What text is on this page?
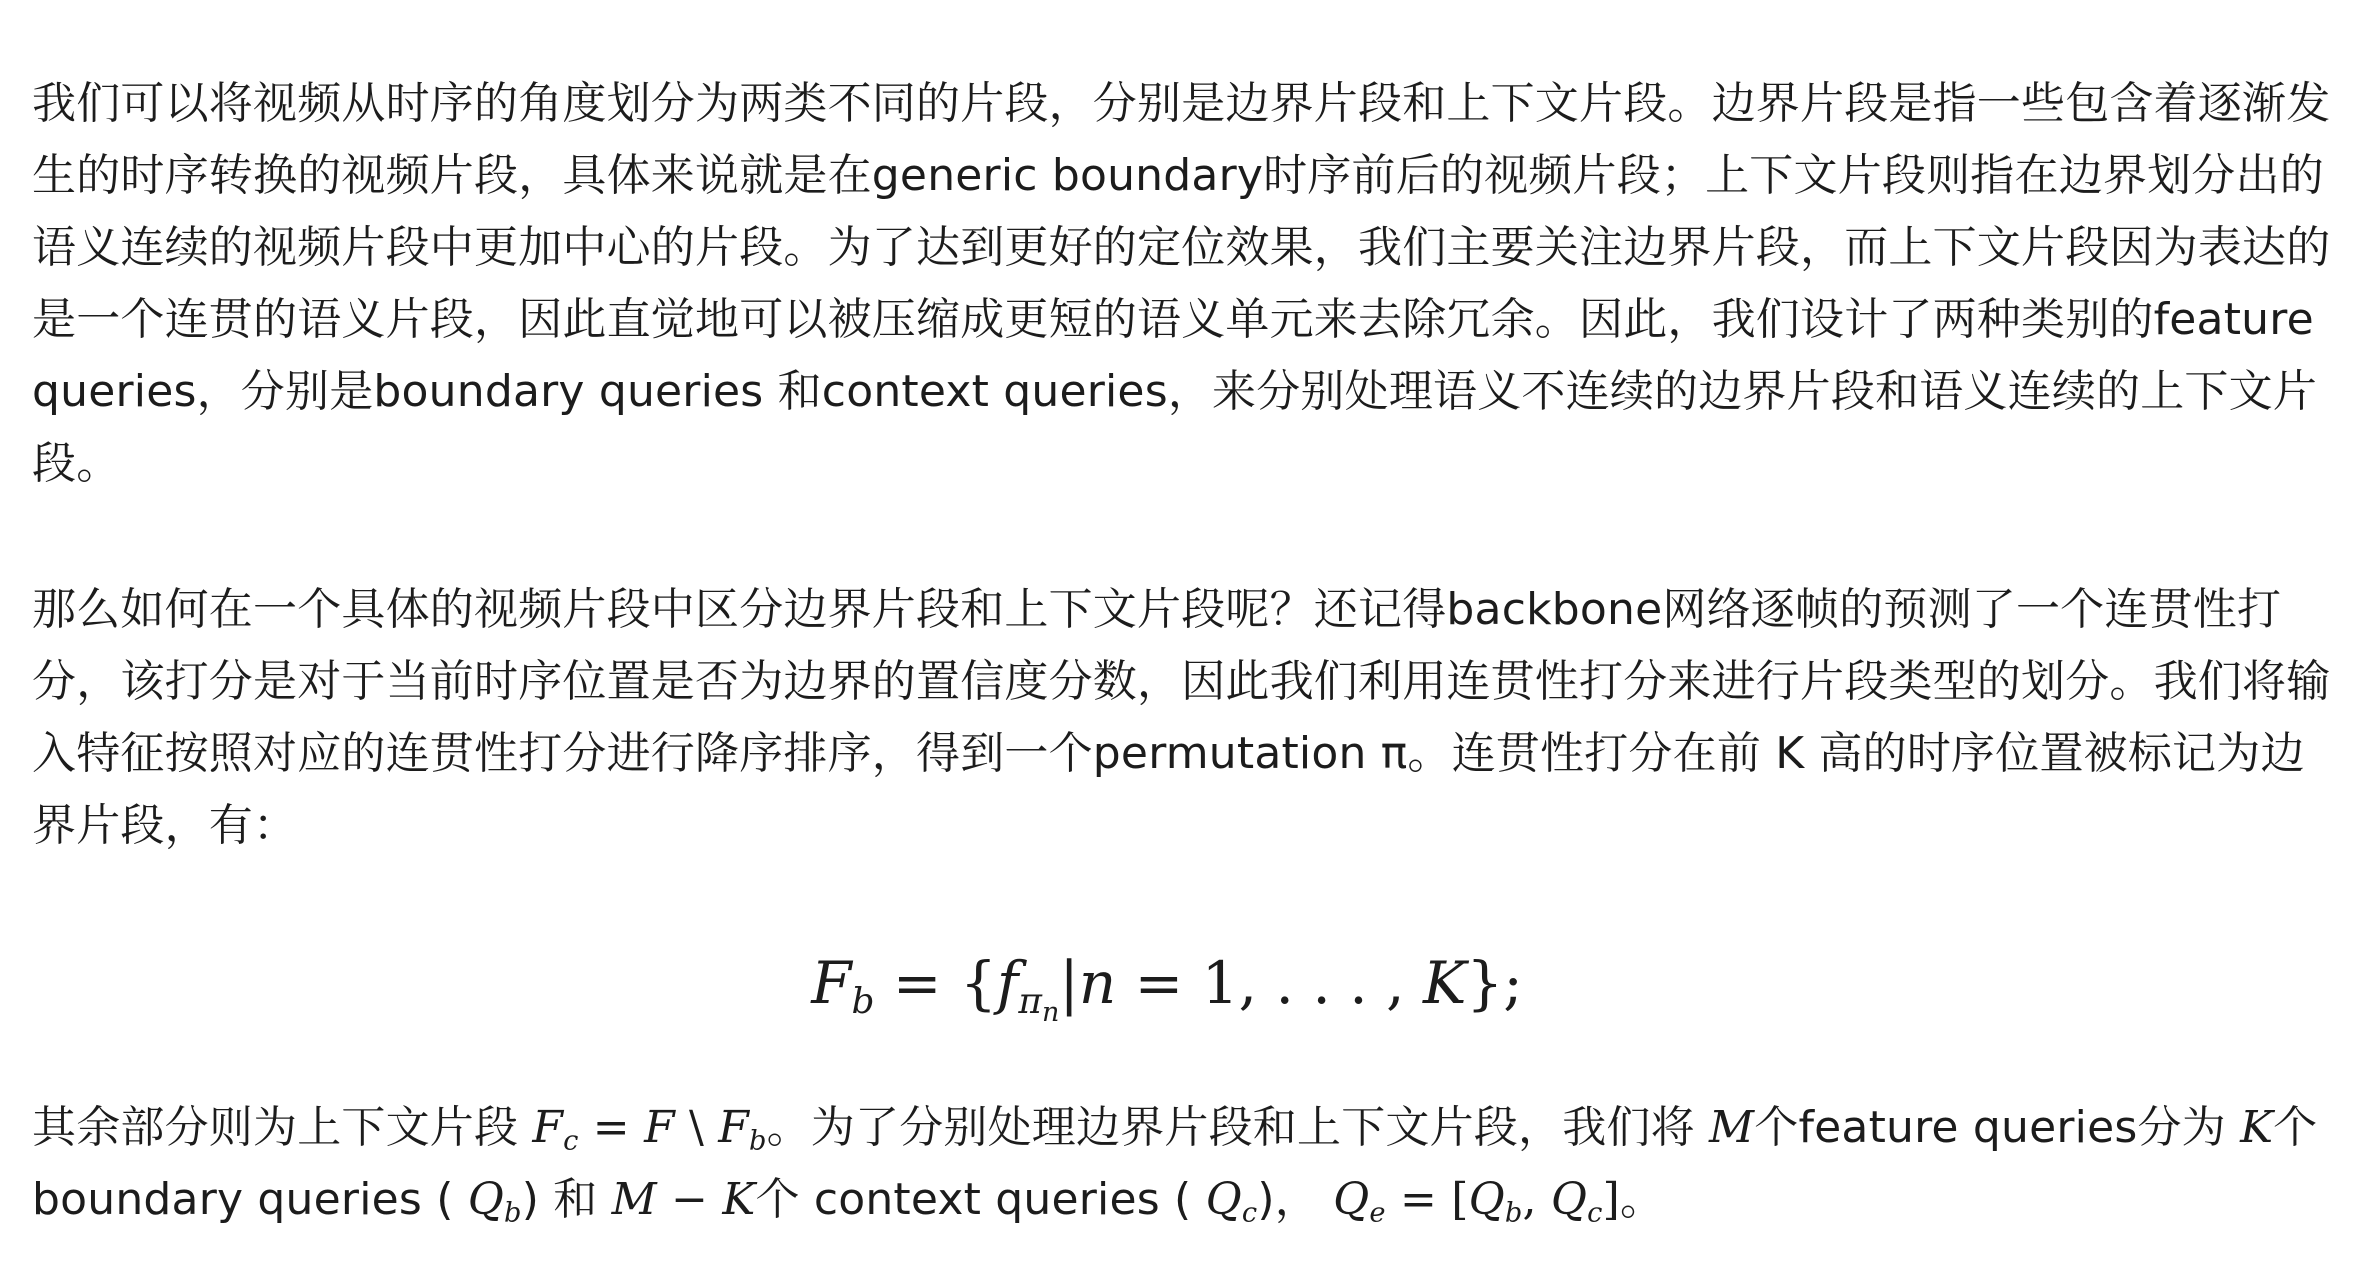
我们可以将视频从时序的角度划分为两类不同的片段，分别是边界片段和上下文片段。边界片段是指一些包含着逐渐发生的时序转换的视频片段，具体来说就是在generic boundary时序前后的视频片段；上下文片段则指在边界划分出的语义连续的视频片段中更加中心的片段。为了达到更好的定位效果，我们主要关注边界片段，而上下文片段因为表达的是一个连贯的语义片段，因此直觉地可以被压缩成更短的语义单元来去除冗余。因此，我们设计了两种类别的feature queries，分别是boundary queries 和context queries，来分别处理语义不连续的边界片段和语义连续的上下文片段。

那么如何在一个具体的视频片段中区分边界片段和上下文片段呢？还记得backbone网络逐帧的预测了一个连贯性打分，该打分是对于当前时序位置是否为边界的置信度分数，因此我们利用连贯性打分来进行片段类型的划分。我们将输入特征按照对应的连贯性打分进行降序排序，得到一个permutation π。连贯性打分在前 K 高的时序位置被标记为边界片段，有：

$F_b = \{f_{\pi_n}|n = 1$, . . . , K};

其余部分则为上下文片段 $F_c = F$ \ $F_b$。为了分别处理边界片段和上下文片段，我们将 M个feature queries分为 K个boundary queries ( $Q_b$) 和 M − K个 context queries ( $Q_c$)， $Q_e = [Q_b$, $Q_c$]。
